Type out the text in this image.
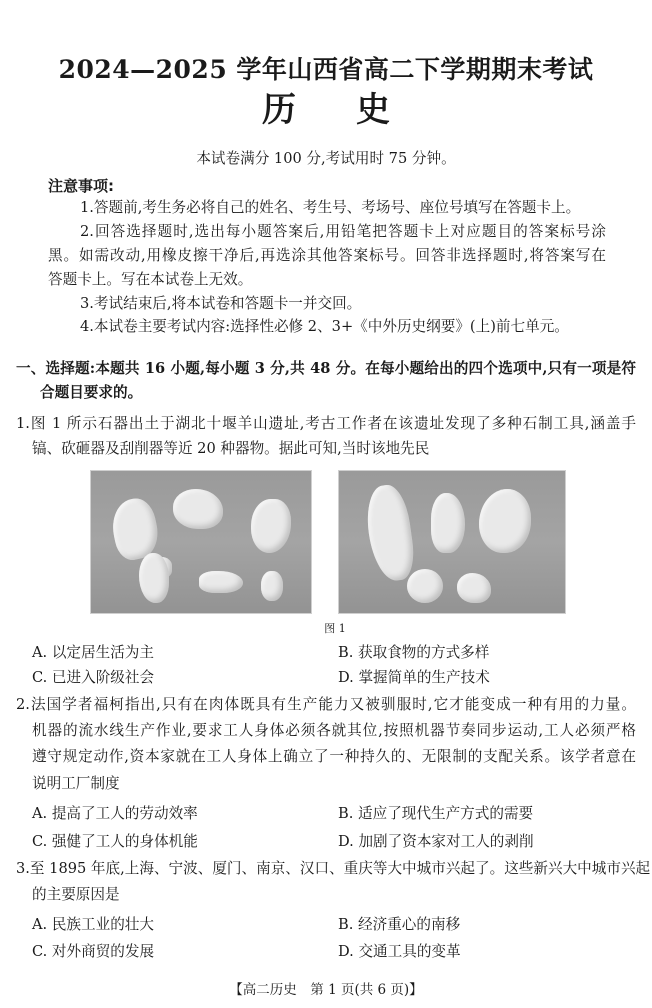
2024—2025 学年山西省高二下学期期末考试
历史
本试卷满分 100 分,考试用时 75 分钟。
注意事项:
1.答题前,考生务必将自己的姓名、考生号、考场号、座位号填写在答题卡上。
2.回答选择题时,选出每小题答案后,用铅笔把答题卡上对应题目的答案标号涂
黑。如需改动,用橡皮擦干净后,再选涂其他答案标号。回答非选择题时,将答案写在
答题卡上。写在本试卷上无效。
3.考试结束后,将本试卷和答题卡一并交回。
4.本试卷主要考试内容:选择性必修 2、3+《中外历史纲要》(上)前七单元。
一、选择题:本题共 16 小题,每小题 3 分,共 48 分。在每小题给出的四个选项中,只有一项是符
合题目要求的。
1.图 1 所示石器出土于湖北十堰羊山遗址,考古工作者在该遗址发现了多种石制工具,涵盖手
镐、砍砸器及刮削器等近 20 种器物。据此可知,当时该地先民
图 1
A. 以定居生活为主	B. 获取食物的方式多样
C. 已进入阶级社会	D. 掌握简单的生产技术
2.法国学者福柯指出,只有在肉体既具有生产能力又被驯服时,它才能变成一种有用的力量。
机器的流水线生产作业,要求工人身体必须各就其位,按照机器节奏同步运动,工人必须严格
遵守规定动作,资本家就在工人身体上确立了一种持久的、无限制的支配关系。该学者意在
说明工厂制度
A. 提高了工人的劳动效率	B. 适应了现代生产方式的需要
C. 强健了工人的身体机能	D. 加剧了资本家对工人的剥削
3.至 1895 年底,上海、宁波、厦门、南京、汉口、重庆等大中城市兴起了。这些新兴大中城市兴起
的主要原因是
A. 民族工业的壮大	B. 经济重心的南移
C. 对外商贸的发展	D. 交通工具的变革
【高二历史　第 1 页(共 6 页)】
